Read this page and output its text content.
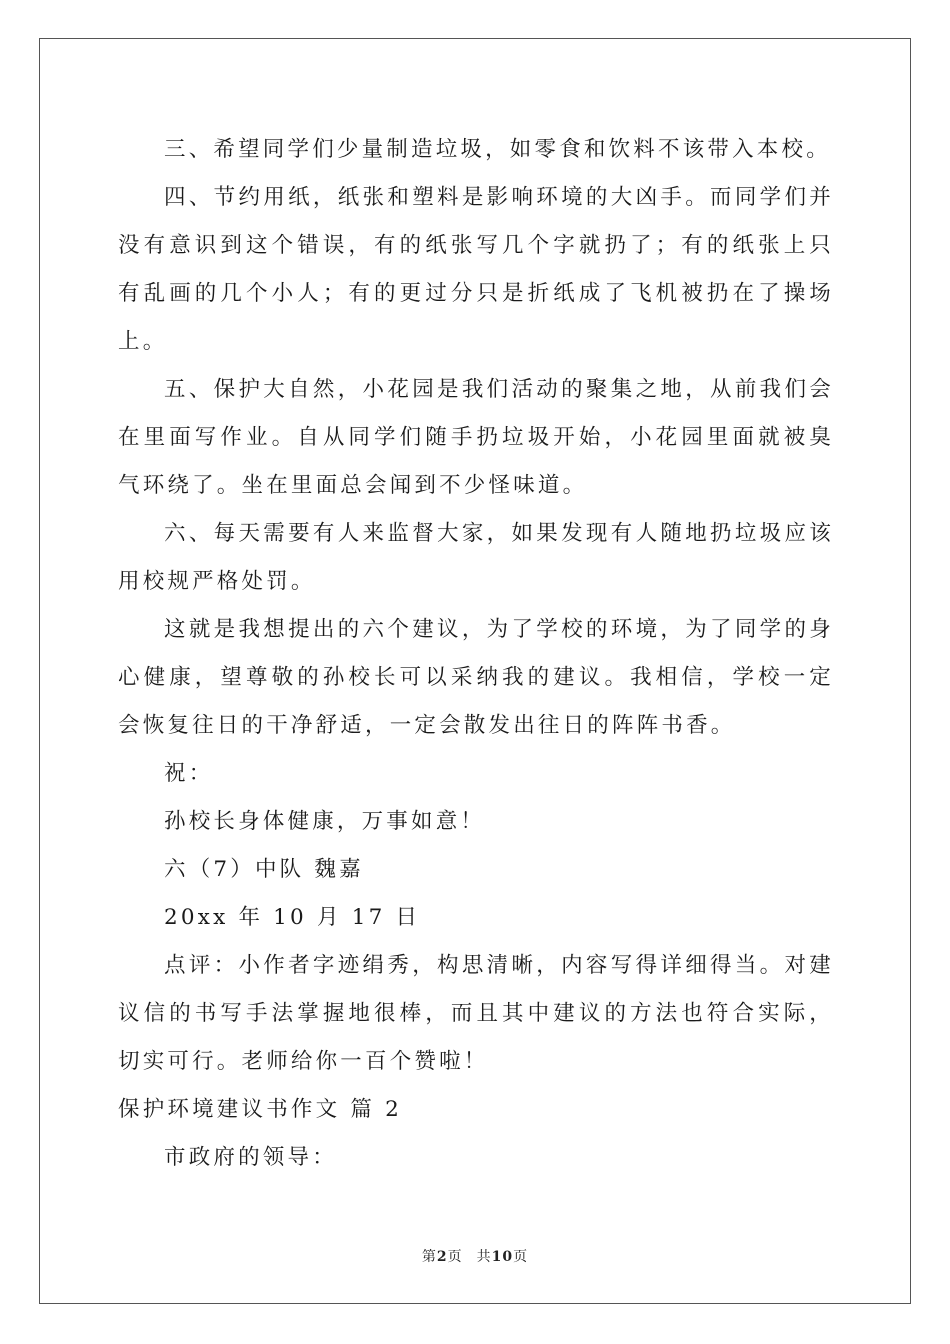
三、希望同学们少量制造垃圾，如零食和饮料不该带入本校。

四、节约用纸，纸张和塑料是影响环境的大凶手。而同学们并没有意识到这个错误，有的纸张写几个字就扔了；有的纸张上只有乱画的几个小人；有的更过分只是折纸成了飞机被扔在了操场上。

五、保护大自然，小花园是我们活动的聚集之地，从前我们会在里面写作业。自从同学们随手扔垃圾开始，小花园里面就被臭气环绕了。坐在里面总会闻到不少怪味道。

六、每天需要有人来监督大家，如果发现有人随地扔垃圾应该用校规严格处罚。

这就是我想提出的六个建议，为了学校的环境，为了同学的身心健康，望尊敬的孙校长可以采纳我的建议。我相信，学校一定会恢复往日的干净舒适，一定会散发出往日的阵阵书香。

祝：

孙校长身体健康，万事如意！

六（7）中队 魏嘉

20xx 年 10 月 17 日

点评：小作者字迹绢秀，构思清晰，内容写得详细得当。对建议信的书写手法掌握地很棒，而且其中建议的方法也符合实际，切实可行。老师给你一百个赞啦！

保护环境建议书作文 篇 2

市政府的领导：

第2页 共10页
